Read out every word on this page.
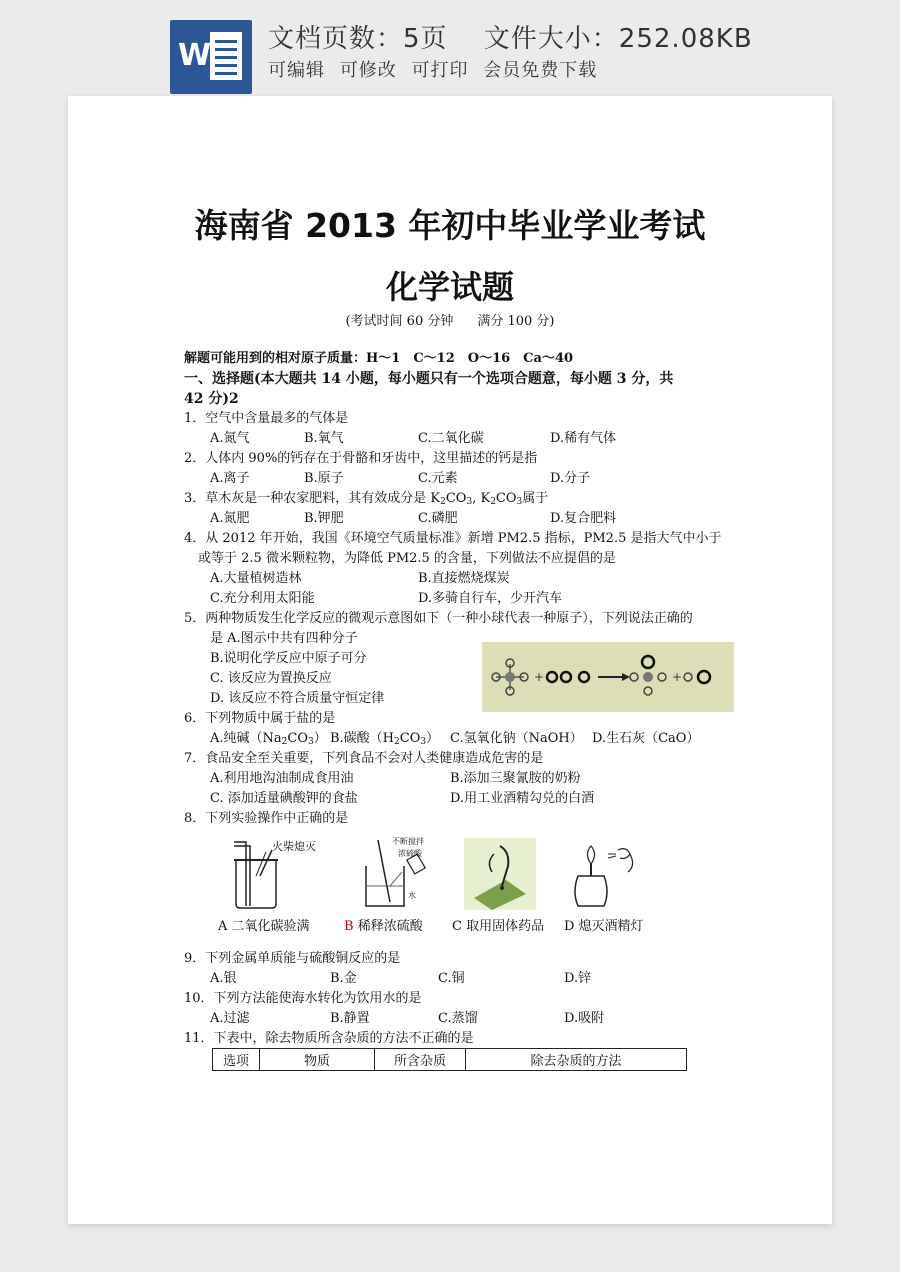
W 文档页数：5页　 文件大小：252.08KB
可编辑 可修改 可打印 会员免费下载
海南省 2013 年初中毕业学业考试
化学试题
(考试时间 60 分钟 满分 100 分)
解题可能用到的相对原子质量：H～1　C～12　O～16　Ca～40
一、选择题(本大题共 14 小题，每小题只有一个选项合题意，每小题 3 分，共
42 分)2
1．空气中含量最多的气体是
A.氮气	B.氧气	C.二氧化碳	D.稀有气体
2．人体内 90%的钙存在于骨骼和牙齿中，这里描述的钙是指
A.离子	B.原子	C.元素	D.分子
3．草木灰是一种农家肥料，其有效成分是 $K_2CO_3$, $K_2CO_3$属于
A.氮肥	B.钾肥	C.磷肥	D.复合肥料
4．从 2012 年开始，我国《环境空气质量标准》新增 PM2.5 指标，PM2.5 是指大气中小于
或等于 2.5 微米颗粒物，为降低 PM2.5 的含量，下列做法不应提倡的是
A.大量植树造林	B.直接燃烧煤炭
C.充分利用太阳能	D.多骑自行车，少开汽车
5．两种物质发生化学反应的微观示意图如下（一种小球代表一种原子），下列说法正确的
是 A.图示中共有四种分子
B.说明化学反应中原子可分
C. 该反应为置换反应
D. 该反应不符合质量守恒定律
+	+
6．下列物质中属于盐的是
A.纯碱$(Na_2CO_3)$ B.碳酸$(H_2CO_3)$ C.氢氧化钠（NaOH） D.生石灰（CaO）
7．食品安全至关重要，下列食品不会对人类健康造成危害的是
A.利用地沟油制成食用油	B.添加三聚氰胺的奶粉
C. 添加适量碘酸钾的食盐	D.用工业酒精勾兑的白酒
8．下列实验操作中正确的是
火柴熄灭	不断搅拌
浓硫酸
水
A 二氧化碳验满	B 稀释浓硫酸 C 取用固体药品 D 熄灭酒精灯
9．下列金属单质能与硫酸铜反应的是
A.银	B.金	C.铜	D.锌
10．下列方法能使海水转化为饮用水的是
A.过滤	B.静置	C.蒸馏	D.吸附
11．下表中，除去物质所含杂质的方法不正确的是
选项	物质	所含杂质	除去杂质的方法
